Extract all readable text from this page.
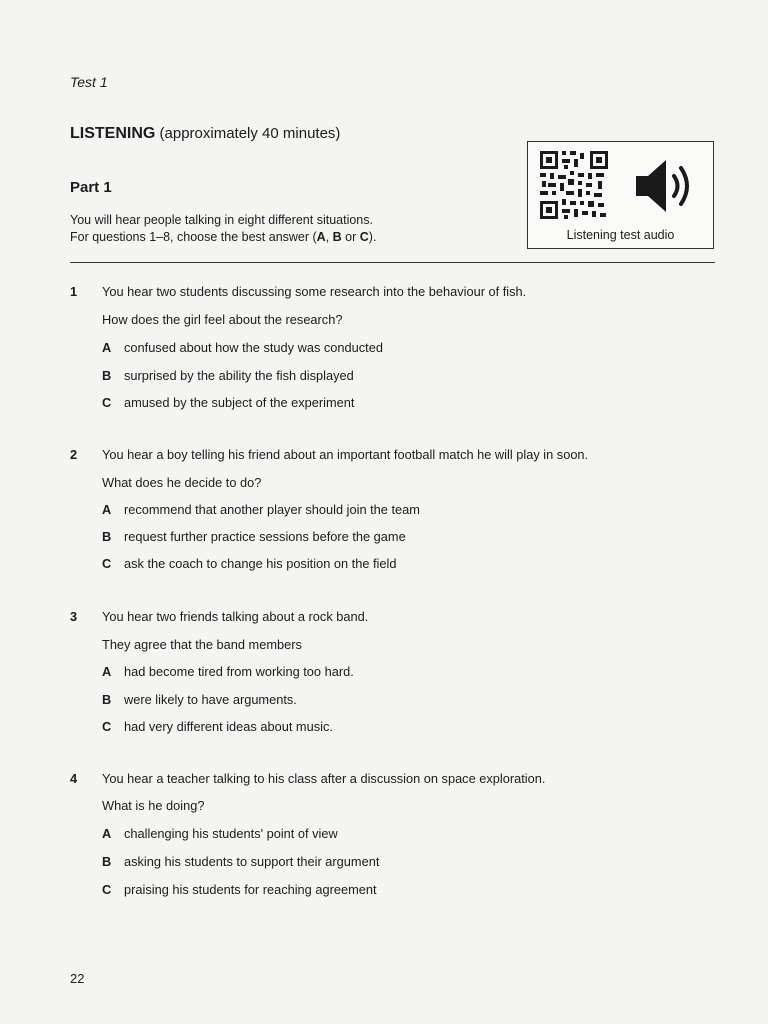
Test 1
LISTENING (approximately 40 minutes)
Part 1
You will hear people talking in eight different situations.
For questions 1–8, choose the best answer (A, B or C).	Listening test audio
1 You hear two students discussing some research into the behaviour of fish.
How does the girl feel about the research?
A confused about how the study was conducted
B surprised by the ability the fish displayed
C amused by the subject of the experiment
2 You hear a boy telling his friend about an important football match he will play in soon.
What does he decide to do?
A recommend that another player should join the team
B request further practice sessions before the game
C ask the coach to change his position on the field
3 You hear two friends talking about a rock band.
They agree that the band members
A had become tired from working too hard.
B were likely to have arguments.
C had very different ideas about music.
4 You hear a teacher talking to his class after a discussion on space exploration.
What is he doing?
A challenging his students' point of view
B asking his students to support their argument
C praising his students for reaching agreement
22
